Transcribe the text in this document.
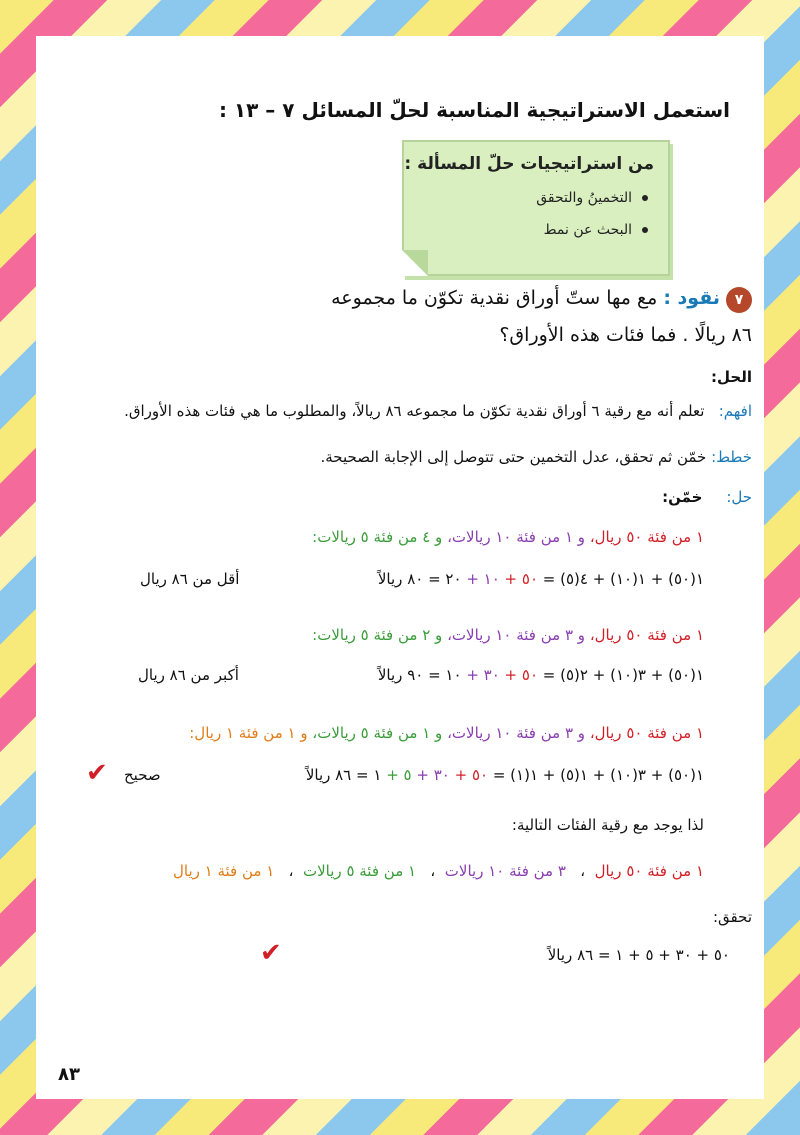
استعمل الاستراتيجية المناسبة لحلّ المسائل ٧ – ١٣ :
من استراتيجيات حلّ المسألة :
التخمينُ والتحقق
البحث عن نمط
٧
نقود : مع مها ستّ أوراق نقدية تكوّن ما مجموعه
٨٦ ريالًا . فما فئات هذه الأوراق؟
الحل:
افهم:   تعلم أنه مع رقية ٦ أوراق نقدية تكوّن ما مجموعه ٨٦ ريالاً، والمطلوب ما هي فئات هذه الأوراق.
خطط: خمّن ثم تحقق، عدل التخمين حتى تتوصل إلى الإجابة الصحيحة.
حل:     خمّن:
١ من فئة ٥٠ ريال، و ١ من فئة ١٠ ريالات، و ٤ من فئة ٥ ريالات:
١(٥٠) + ١(١٠) + ٤(٥) = ٥٠ + ١٠ + ٢٠ = ٨٠ ريالاً
أقل من ٨٦ ريال
١ من فئة ٥٠ ريال، و ٣ من فئة ١٠ ريالات، و ٢ من فئة ٥ ريالات:
١(٥٠) + ٣(١٠) + ٢(٥) = ٥٠ + ٣٠ + ١٠ = ٩٠ ريالاً
أكبر من ٨٦ ريال
١ من فئة ٥٠ ريال، و ٣ من فئة ١٠ ريالات، و ١ من فئة ٥ ريالات، و ١ من فئة ١ ريال:
١(٥٠) + ٣(١٠) + ١(٥) + ١(١) = ٥٠ + ٣٠ + ٥ + ١ = ٨٦ ريالاً
صحيح
✔
لذا يوجد مع رقية الفئات التالية:
١ من فئة ٥٠ ريال  ،   ٣ من فئة ١٠ ريالات  ،   ١ من فئة ٥ ريالات  ،   ١ من فئة ١ ريال
تحقق:
٥٠ + ٣٠ + ٥ + ١ = ٨٦ ريالاً
✔
٨٣
